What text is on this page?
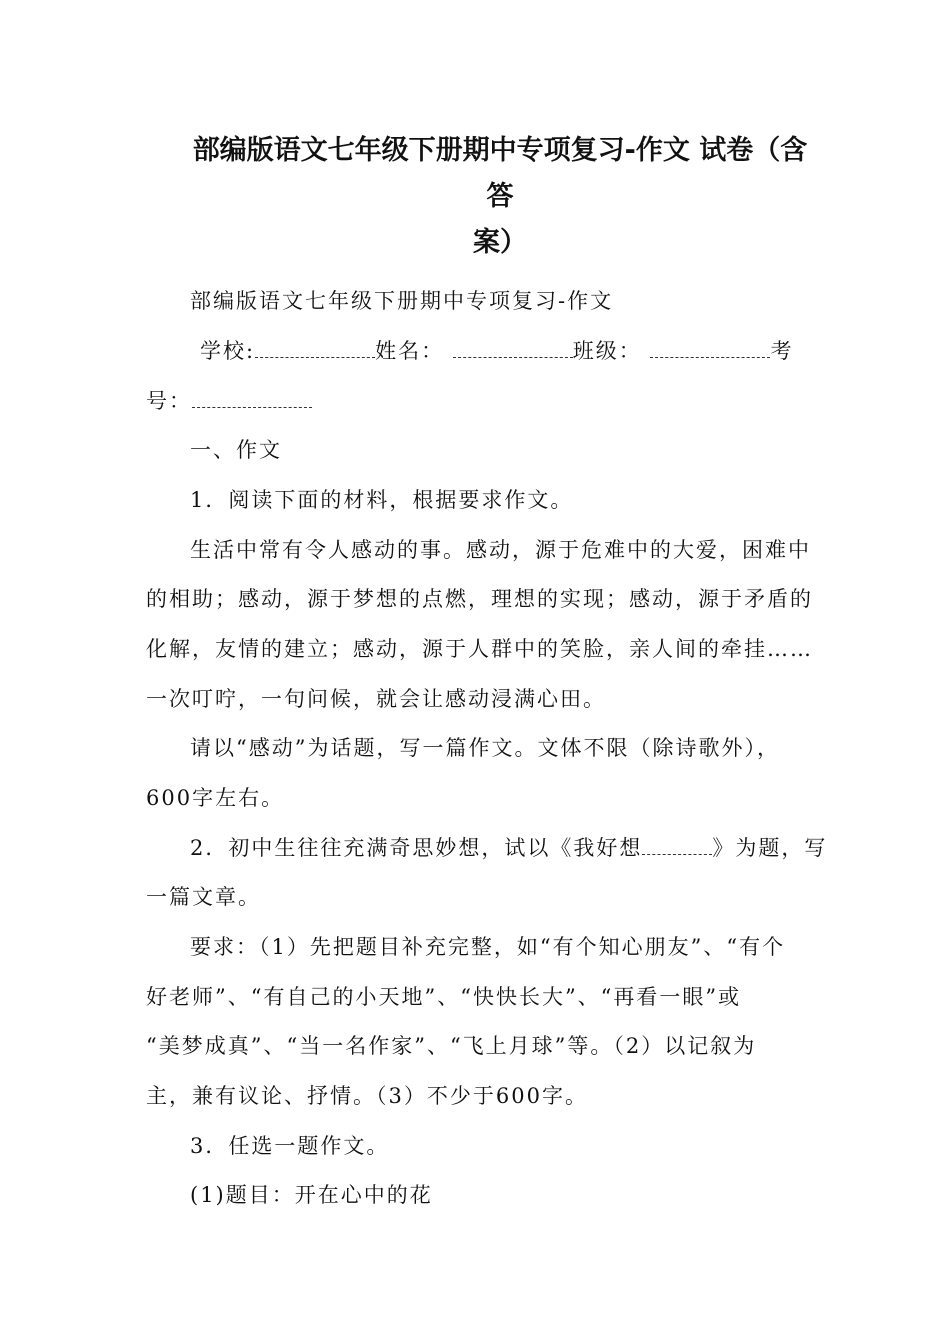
部编版语文七年级下册期中专项复习-作文 试卷（含答
案）
部编版语文七年级下册期中专项复习-作文
学校:	姓名：	班级：	考
号：
一、作文
1．阅读下面的材料，根据要求作文。
生活中常有令人感动的事。感动，源于危难中的大爱，困难中
的相助；感动，源于梦想的点燃，理想的实现；感动，源于矛盾的
化解，友情的建立；感动，源于人群中的笑脸，亲人间的牵挂……
一次叮咛，一句问候，就会让感动浸满心田。
请以“感动”为话题，写一篇作文。文体不限（除诗歌外），
600字左右。
2．初中生往往充满奇思妙想，试以《我好想	》为题，写
一篇文章。
要求：（1）先把题目补充完整，如“有个知心朋友”、“有个
好老师”、“有自己的小天地”、“快快长大”、“再看一眼”或
“美梦成真”、“当一名作家”、“飞上月球”等。（2）以记叙为
主，兼有议论、抒情。（3）不少于600字。
3．任选一题作文。
(1)题目：开在心中的花
